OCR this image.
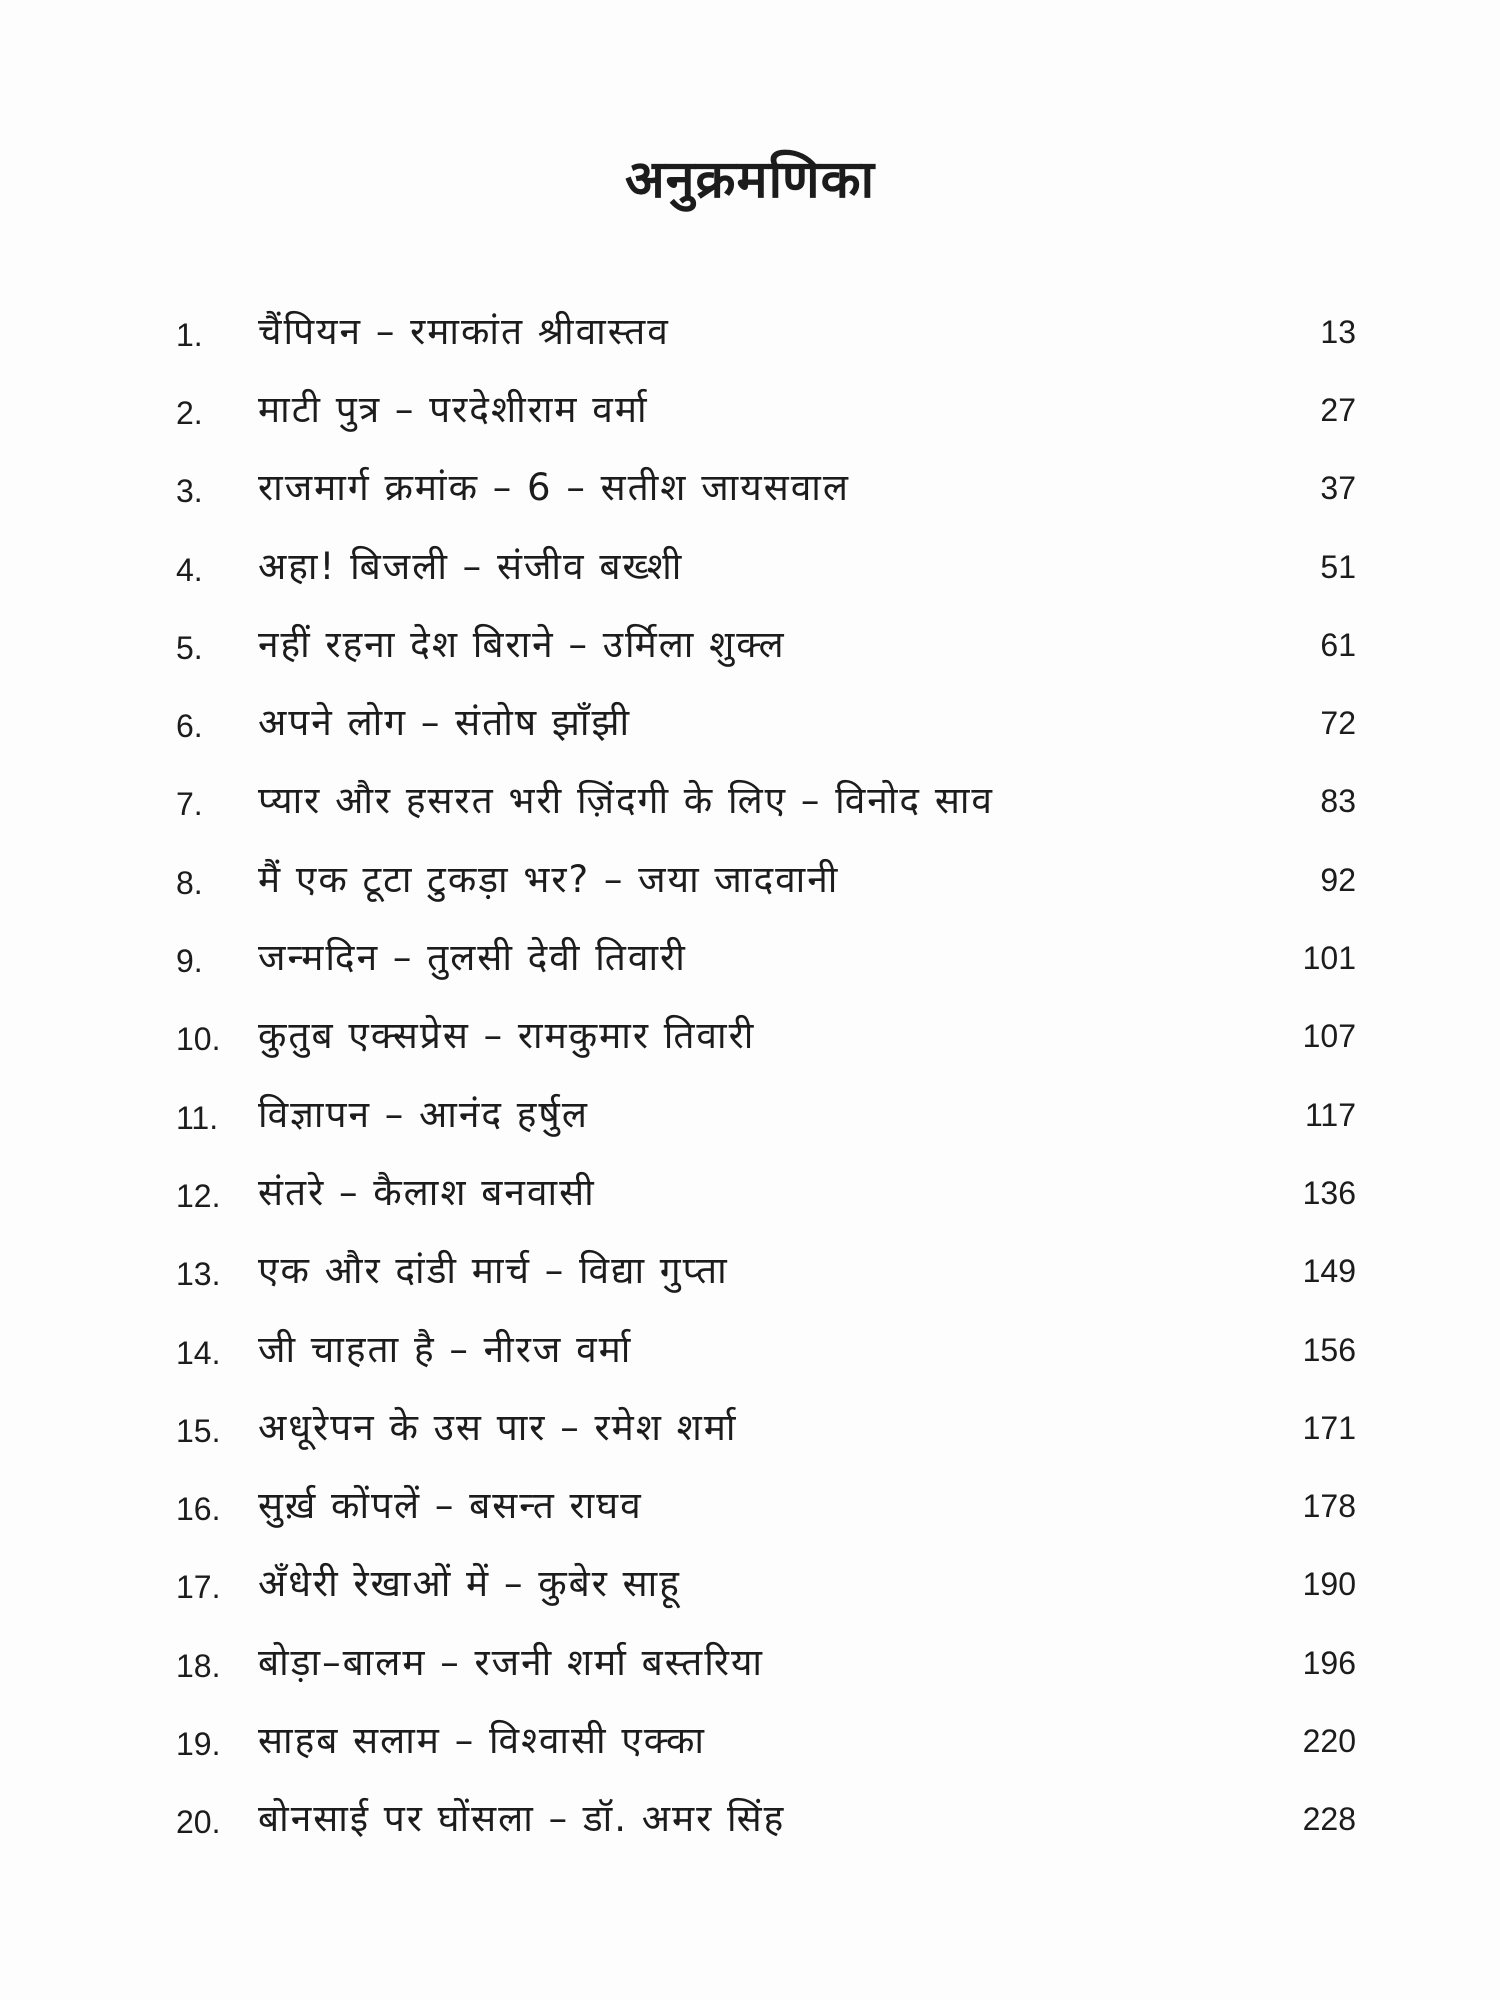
अनुक्रमणिका
1.	चैंपियन – रमाकांत श्रीवास्तव	13
2.	माटी पुत्र – परदेशीराम वर्मा	27
3.	राजमार्ग क्रमांक – 6 – सतीश जायसवाल	37
4.	अहा! बिजली – संजीव बख्शी	51
5.	नहीं रहना देश बिराने – उर्मिला शुक्ल	61
6.	अपने लोग – संतोष झाँझी	72
7.	प्यार और हसरत भरी ज़िंदगी के लिए – विनोद साव	83
8.	मैं एक टूटा टुकड़ा भर? – जया जादवानी	92
9.	जन्मदिन – तुलसी देवी तिवारी	101
10.	कुतुब एक्सप्रेस – रामकुमार तिवारी	107
11.	विज्ञापन – आनंद हर्षुल	117
12.	संतरे – कैलाश बनवासी	136
13.	एक और दांडी मार्च – विद्या गुप्ता	149
14.	जी चाहता है – नीरज वर्मा	156
15.	अधूरेपन के उस पार – रमेश शर्मा	171
16.	सुर्ख़ कोंपलें – बसन्त राघव	178
17.	अँधेरी रेखाओं में – कुबेर साहू	190
18.	बोड़ा–बालम – रजनी शर्मा बस्तरिया	196
19.	साहब सलाम – विश्वासी एक्का	220
20.	बोनसाई पर घोंसला – डॉ. अमर सिंह	228
